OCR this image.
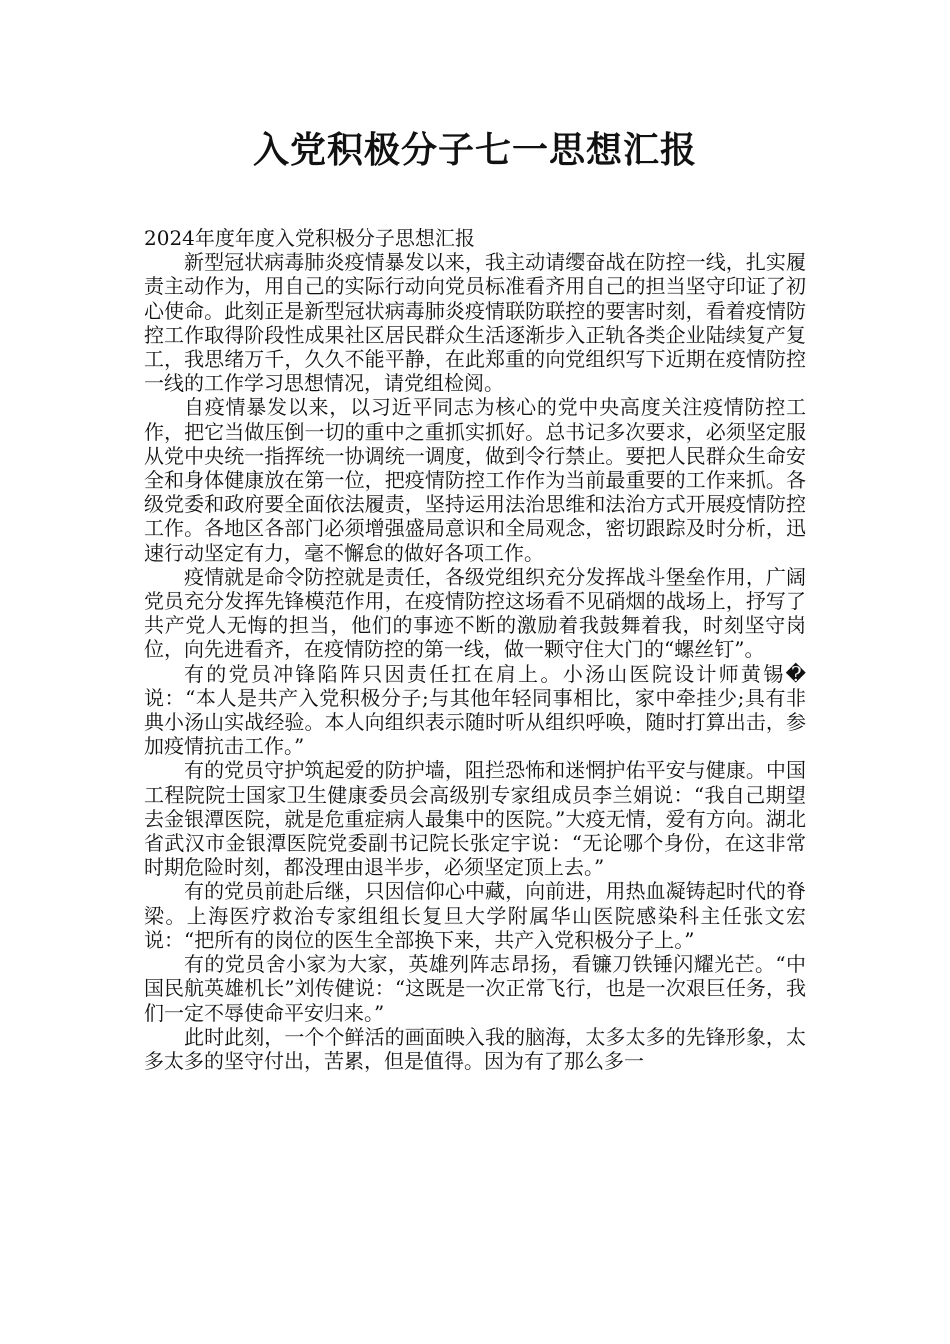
入党积极分子七一思想汇报

2024年度年度入党积极分子思想汇报

新型冠状病毒肺炎疫情暴发以来，我主动请缨奋战在防控一线，扎实履责主动作为，用自己的实际行动向党员标准看齐用自己的担当坚守印证了初心使命。此刻正是新型冠状病毒肺炎疫情联防联控的要害时刻，看着疫情防控工作取得阶段性成果社区居民群众生活逐渐步入正轨各类企业陆续复产复工，我思绪万千，久久不能平静，在此郑重的向党组织写下近期在疫情防控一线的工作学习思想情况，请党组检阅。

自疫情暴发以来，以习近平同志为核心的党中央高度关注疫情防控工作，把它当做压倒一切的重中之重抓实抓好。总书记多次要求，必须坚定服从党中央统一指挥统一协调统一调度，做到令行禁止。要把人民群众生命安全和身体健康放在第一位，把疫情防控工作作为当前最重要的工作来抓。各级党委和政府要全面依法履责，坚持运用法治思维和法治方式开展疫情防控工作。各地区各部门必须增强盛局意识和全局观念，密切跟踪及时分析，迅速行动坚定有力，毫不懈怠的做好各项工作。

疫情就是命令防控就是责任，各级党组织充分发挥战斗堡垒作用，广阔党员充分发挥先锋模范作用，在疫情防控这场看不见硝烟的战场上，抒写了共产党人无悔的担当，他们的事迹不断的激励着我鼓舞着我，时刻坚守岗位，向先进看齐，在疫情防控的第一线，做一颗守住大门的“螺丝钉”。

有的党员冲锋陷阵只因责任扛在肩上。小汤山医院设计师黄锡�说：“本人是共产入党积极分子;与其他年轻同事相比，家中牵挂少;具有非典小汤山实战经验。本人向组织表示随时听从组织呼唤，随时打算出击，参加疫情抗击工作。”

有的党员守护筑起爱的防护墙，阻拦恐怖和迷惘护佑平安与健康。中国工程院院士国家卫生健康委员会高级别专家组成员李兰娟说：“我自己期望去金银潭医院，就是危重症病人最集中的医院。”大疫无情，爱有方向。湖北省武汉市金银潭医院党委副书记院长张定宇说：“无论哪个身份，在这非常时期危险时刻，都没理由退半步，必须坚定顶上去。”

有的党员前赴后继，只因信仰心中藏，向前进，用热血凝铸起时代的脊梁。上海医疗救治专家组组长复旦大学附属华山医院感染科主任张文宏说：“把所有的岗位的医生全部换下来，共产入党积极分子上。”

有的党员舍小家为大家，英雄列阵志昂扬，看镰刀铁锤闪耀光芒。“中国民航英雄机长”刘传健说：“这既是一次正常飞行，也是一次艰巨任务，我们一定不辱使命平安归来。”

此时此刻，一个个鲜活的画面映入我的脑海，太多太多的先锋形象，太多太多的坚守付出，苦累，但是值得。因为有了那么多一
